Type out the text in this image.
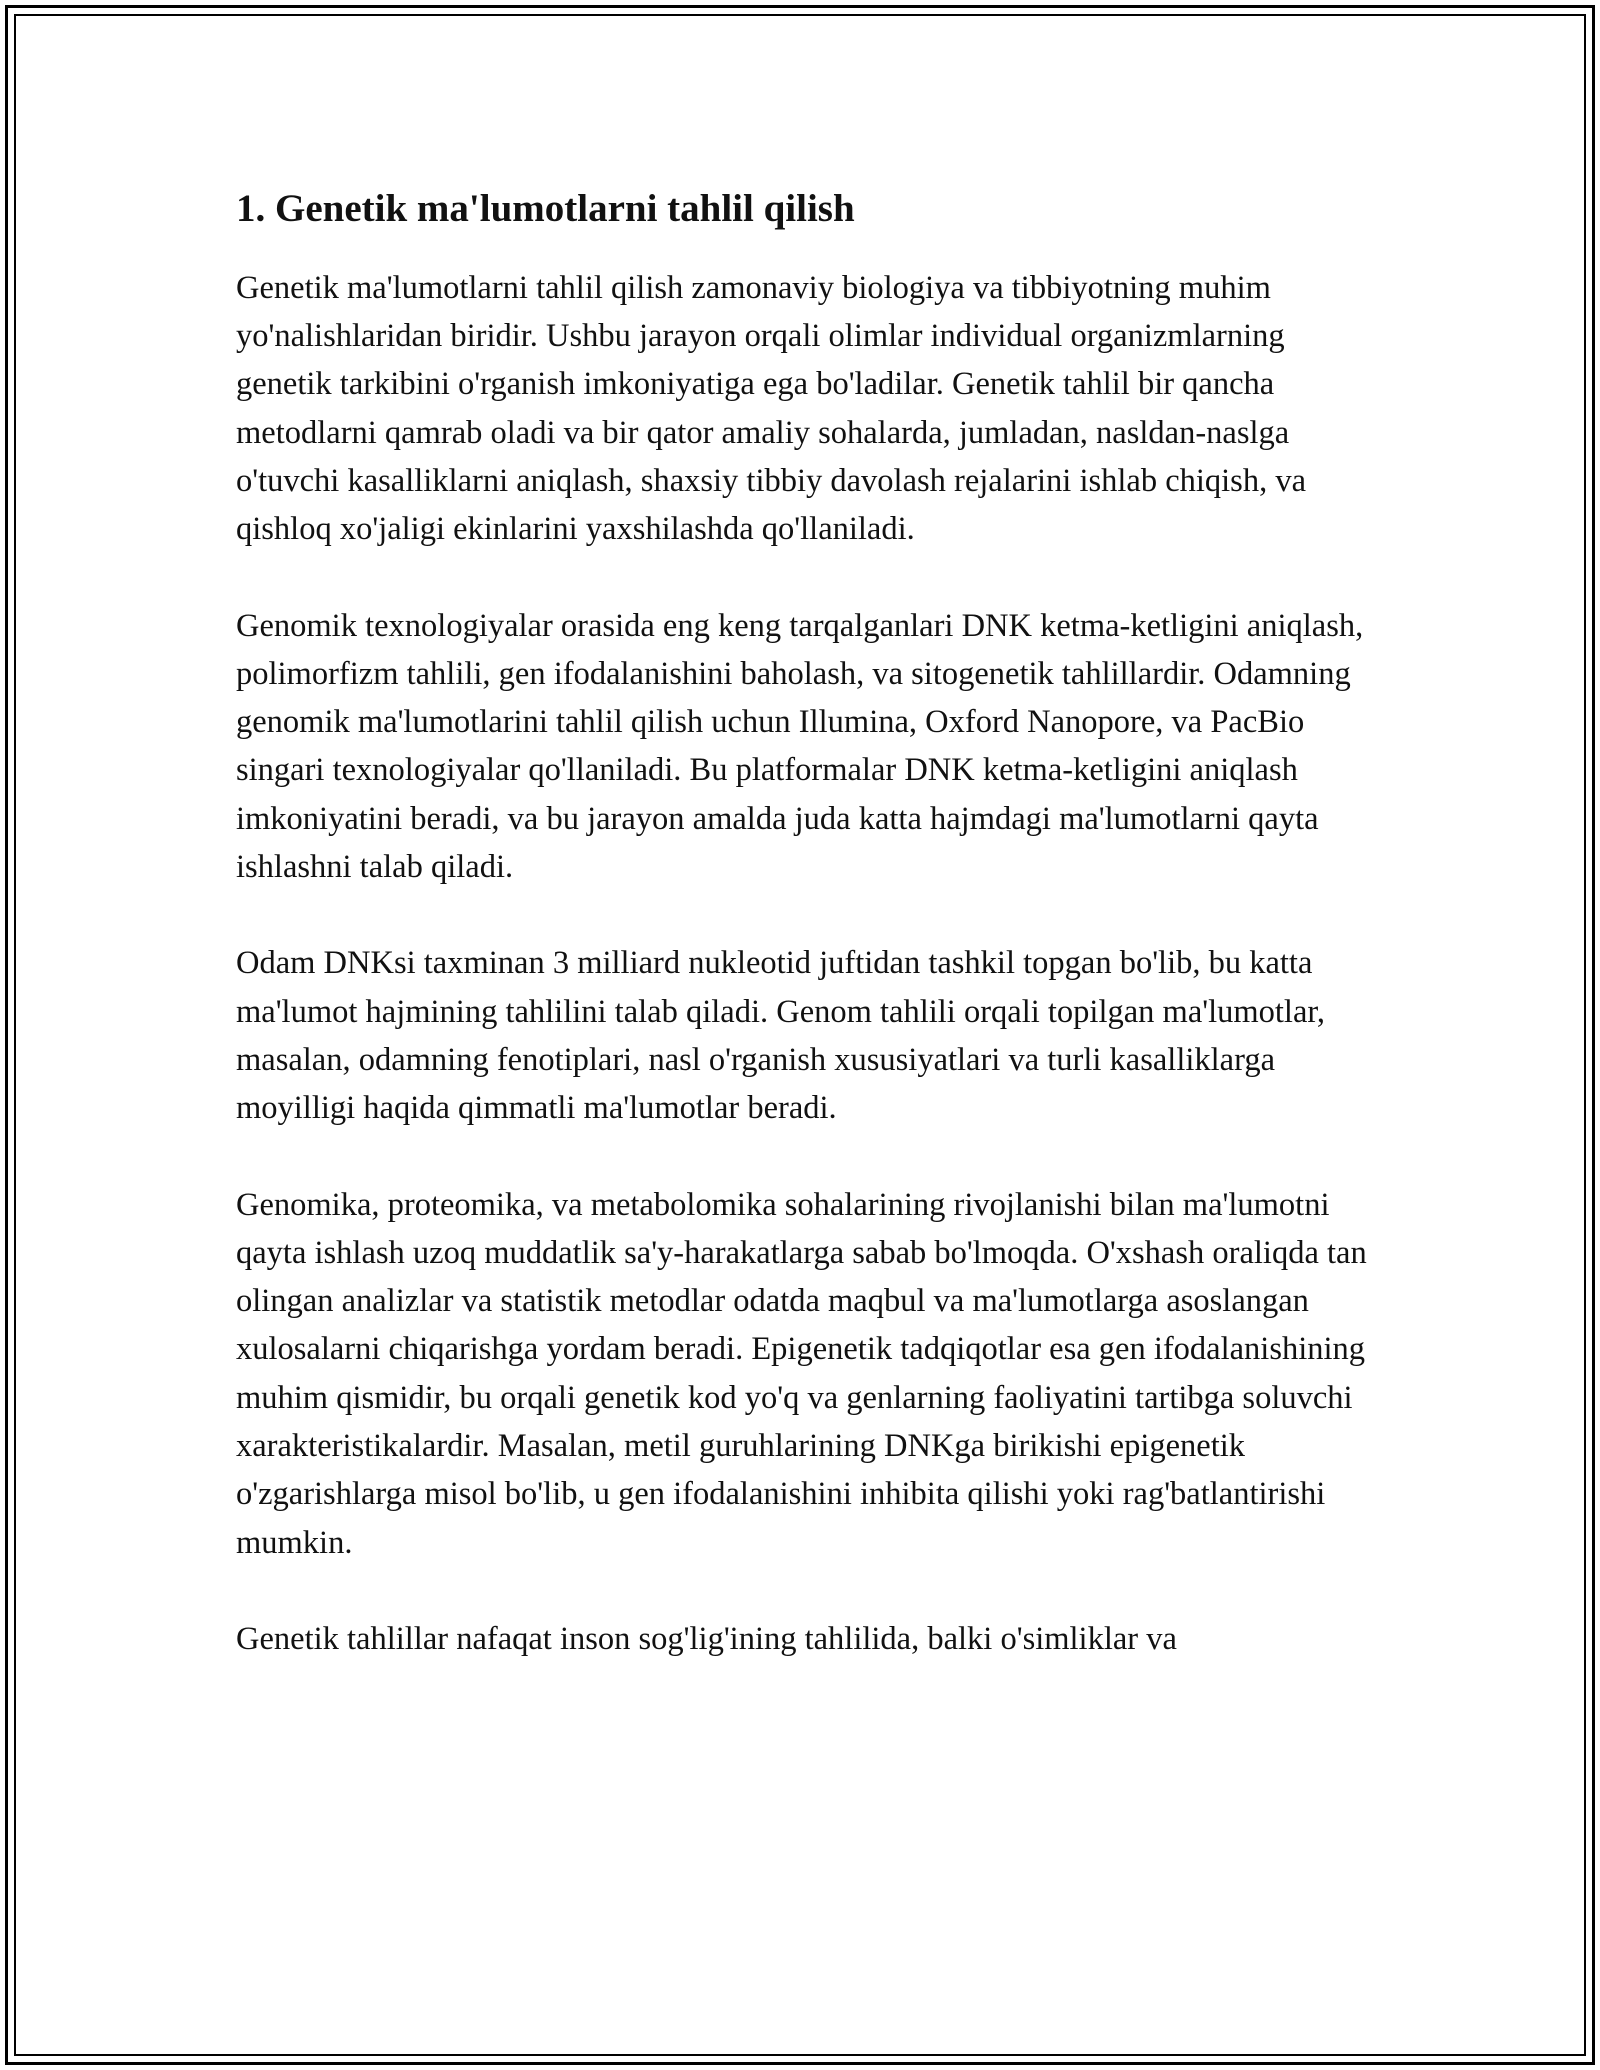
1. Genetik ma'lumotlarni tahlil qilish

Genetik ma'lumotlarni tahlil qilish zamonaviy biologiya va tibbiyotning muhim yo'nalishlaridan biridir. Ushbu jarayon orqali olimlar individual organizmlarning genetik tarkibini o'rganish imkoniyatiga ega bo'ladilar. Genetik tahlil bir qancha metodlarni qamrab oladi va bir qator amaliy sohalarda, jumladan, nasldan-naslga o'tuvchi kasalliklarni aniqlash, shaxsiy tibbiy davolash rejalarini ishlab chiqish, va qishloq xo'jaligi ekinlarini yaxshilashda qo'llaniladi.

Genomik texnologiyalar orasida eng keng tarqalganlari DNK ketma-ketligini aniqlash, polimorfizm tahlili, gen ifodalanishini baholash, va sitogenetik tahlillardir. Odamning genomik ma'lumotlarini tahlil qilish uchun Illumina, Oxford Nanopore, va PacBio singari texnologiyalar qo'llaniladi. Bu platformalar DNK ketma-ketligini aniqlash imkoniyatini beradi, va bu jarayon amalda juda katta hajmdagi ma'lumotlarni qayta ishlashni talab qiladi.

Odam DNKsi taxminan 3 milliard nukleotid juftidan tashkil topgan bo'lib, bu katta ma'lumot hajmining tahlilini talab qiladi. Genom tahlili orqali topilgan ma'lumotlar, masalan, odamning fenotiplari, nasl o'rganish xususiyatlari va turli kasalliklarga moyilligi haqida qimmatli ma'lumotlar beradi.

Genomika, proteomika, va metabolomika sohalarining rivojlanishi bilan ma'lumotni qayta ishlash uzoq muddatlik sa'y-harakatlarga sabab bo'lmoqda. O'xshash oraliqda tan olingan analizlar va statistik metodlar odatda maqbul va ma'lumotlarga asoslangan xulosalarni chiqarishga yordam beradi. Epigenetik tadqiqotlar esa gen ifodalanishining muhim qismidir, bu orqali genetik kod yo'q va genlarning faoliyatini tartibga soluvchi xarakteristikalardir. Masalan, metil guruhlarining DNKga birikishi epigenetik o'zgarishlarga misol bo'lib, u gen ifodalanishini inhibita qilishi yoki rag'batlantirishi mumkin.

Genetik tahlillar nafaqat inson sog'lig'ining tahlilida, balki o'simliklar va
